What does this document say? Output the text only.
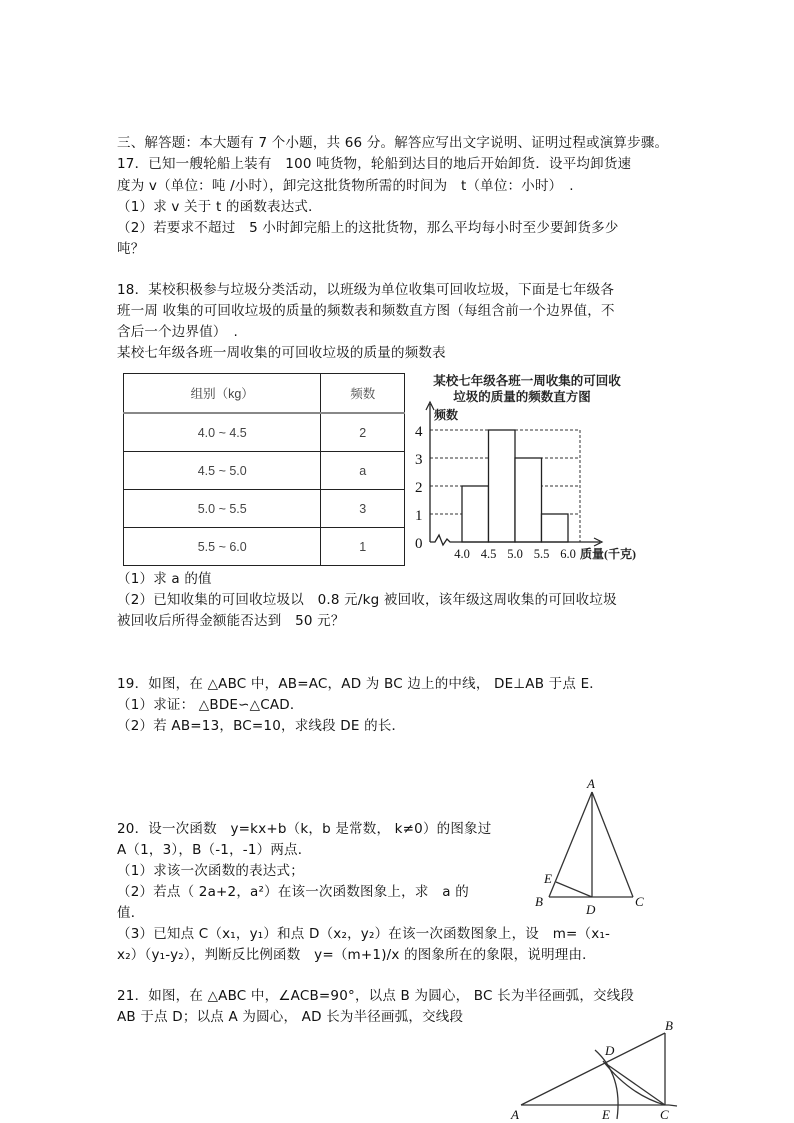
三、解答题：本大题有 7 个小题，共 66 分。解答应写出文字说明、证明过程或演算步骤。
17．已知一艘轮船上装有　100 吨货物，轮船到达目的地后开始卸货．设平均卸货速
度为 v（单位：吨 /小时），卸完这批货物所需的时间为　t（单位：小时）　.
（1）求 v 关于 t 的函数表达式．
（2）若要求不超过　5 小时卸完船上的这批货物，那么平均每小时至少要卸货多少
吨？
18．某校积极参与垃圾分类活动，以班级为单位收集可回收垃圾，下面是七年级各
班一周 收集的可回收垃圾的质量的频数表和频数直方图（每组含前一个边界值，不
含后一个边界值）　.
某校七年级各班一周收集的可回收垃圾的质量的频数表
组别（kg）	频数
4.0 ~ 4.5	2
4.5 ~ 5.0	a
5.0 ~ 5.5	3
5.5 ~ 6.0	1
某校七年级各班一周收集的可回收
垃圾的质量的频数直方图
频数
质量(千克)
0
1
2
3
4
4.0 4.5 5.0 5.5 6.0
（1）求 a 的值
（2）已知收集的可回收垃圾以　0.8 元/kg 被回收，该年级这周收集的可回收垃圾
被回收后所得金额能否达到　50 元？
19．如图，在 △ABC 中，AB=AC，AD 为 BC 边上的中线， DE⊥AB 于点 E．
（1）求证： △BDE∽△CAD．
（2）若 AB=13，BC=10，求线段 DE 的长．
A
B	C
D
E
20．设一次函数　y=kx+b（k，b 是常数， k≠0）的图象过
A（1，3），B（-1，-1）两点．
（1）求该一次函数的表达式；
（2）若点（ 2a+2，a²）在该一次函数图象上，求　a 的
值．
（3）已知点 C（x₁，y₁）和点 D（x₂，y₂）在该一次函数图象上，设　m=（x₁-
x₂）（y₁-y₂），判断反比例函数　y=（m+1)/x 的图象所在的象限，说明理由．
21．如图，在 △ABC 中，∠ACB=90°，以点 B 为圆心， BC 长为半径画弧，交线段
AB 于点 D；以点 A 为圆心， AD 长为半径画弧，交线段
A
B
C
D
E
